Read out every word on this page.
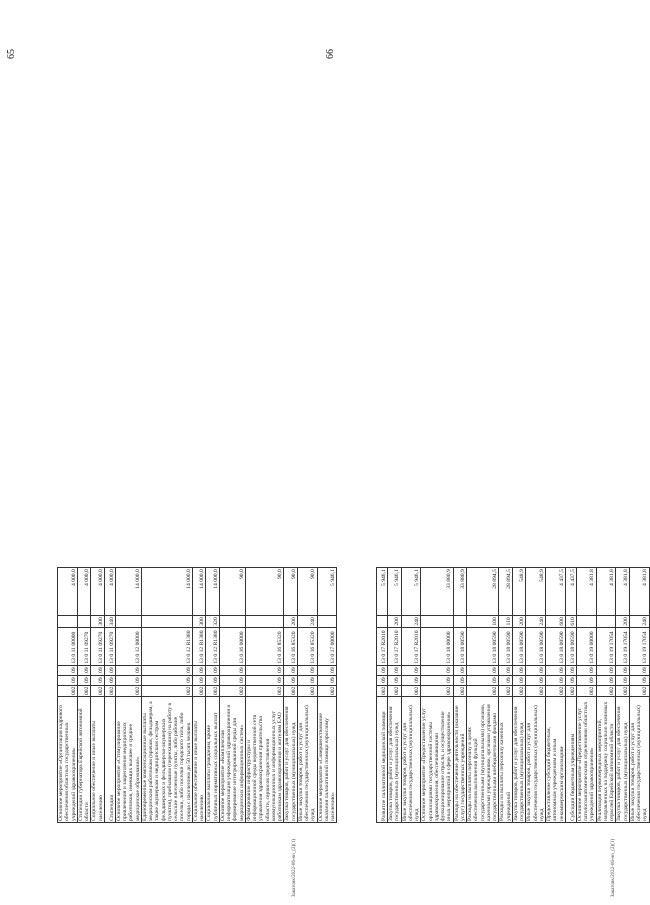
65
Основное мероприятие «Организация кадрового обеспечения областных государственных учреждений здравоохранения»	002	09	09	13 0 11 00000		4 000,0
Стипендии губернатора Еврейской автономной области	002	09	09	13 0 11 09270		4 000,0
Социальное обеспечение и иные выплаты населению	002	09	09	13 0 11 09270	300	4 000,0
Стипендии	002	09	09	13 0 11 09270	340	4 000,0
Основное мероприятие «Стимулирование привлечения и закрепления медицинских работников, имеющих высшее и среднее медицинское образование»	002	09	09	13 0 12 00000		14 000,0
Единовременные компенсационные выплаты медицинским работникам (врачам, фельдшерам, а также акушеркам и медицинским сестрам фельдшерских и фельдшерско-акушерских пунктов), прибывшим (переехавшим) на работу в сельские населенные пункты, либо рабочие поселки, либо поселки городского типа, либо города с населением до 50 тысяч человек	002	09	09	13 0 12 R1380		14 000,0
Социальное обеспечение и иные выплаты населению	002	09	09	13 0 12 R1380	300	14 000,0
Социальные выплаты гражданам, кроме публичных нормативных социальных выплат	002	09	09	13 0 12 R1380	320	14 000,0
Основное мероприятие «Комплексная информатизация учреждений здравоохранения и формирование интегрированной среды для медицинских информационных систем»	002	09	09	13 0 16 00000		90,0
Формирование инфраструктуры и информационной среды ведомственной сети управления здравоохранения правительства области, сервисов предоставления коммуникационных и информационных услуг работникам здравоохранения и жителям ЕАО	002	09	09	13 0 16 85320		90,0
Закупка товаров, работ и услуг для обеспечения государственных (муниципальных) нужд	002	09	09	13 0 16 85320	200	90,0
Иные закупки товаров, работ и услуг для обеспечения государственных (муниципальных) нужд	002	09	09	13 0 16 85320	240	90,0
Основное мероприятие «Совершенствование оказания паллиативной помощи взрослому населению»	002	09	09	13 0 17 00000		5 946,1
Заказчик/2022-06-нн_(2)(1)
66
Развитие паллиативной медицинской помощи	002	09	09	13 0 17 R2010		5 946,1
Закупка товаров, работ и услуг для обеспечения государственных (муниципальных) нужд	002	09	09	13 0 17 R2010	200	5 946,1
Иные закупки товаров, работ и услуг для обеспечения государственных (муниципальных) нужд	002	09	09	13 0 17 R2010	240	5 946,1
Основное мероприятие «Предоставление услуг организациями государственной системы здравоохранения, обеспечивающими функционирование отрасли, и осуществление иных мероприятий в сфере здравоохранения»	002	09	09	13 0 18 00000		33 880,9
Расходы на обеспечение деятельности (оказание услуг) государственных учреждений	002	09	09	13 0 18 00590		33 880,9
Расходы на выплаты персоналу в целях обеспечения выполнения функций государственными (муниципальными) органами, казенными учреждениями, органами управления государственными внебюджетными фондами	002	09	09	13 0 18 00590	100	28 894,5
Расходы на выплаты персоналу казенных учреждений	002	09	09	13 0 18 00590	110	28 894,5
Закупка товаров, работ и услуг для обеспечения государственных (муниципальных) нужд	002	09	09	13 0 18 00590	200	548,9
Иные закупки товаров, работ и услуг для обеспечения государственных (муниципальных) нужд	002	09	09	13 0 18 00590	240	548,9
Предоставление субсидий бюджетным, автономным учреждениям и иным некоммерческим организациям	002	09	09	13 0 18 00590	600	4 437,5
Субсидии бюджетным учреждениям	002	09	09	13 0 18 00590	610	4 437,5
Основное мероприятие «Предоставление услуг патологоанатомическими отделениями областных учреждений здравоохранения»	002	09	09	13 0 19 00000		4 381,8
Реализация первоочередных мероприятий, направленных на поддержку социально значимых отраслей Еврейской автономной области	002	09	09	13 0 19 17054		4 381,8
Закупка товаров, работ и услуг для обеспечения государственных (муниципальных) нужд	002	09	09	13 0 19 17054	200	4 381,8
Иные закупки товаров, работ и услуг для обеспечения государственных (муниципальных) нужд	002	09	09	13 0 19 17054	240	4 381,8
Заказчик/2022-06-нн_(2)(1)
